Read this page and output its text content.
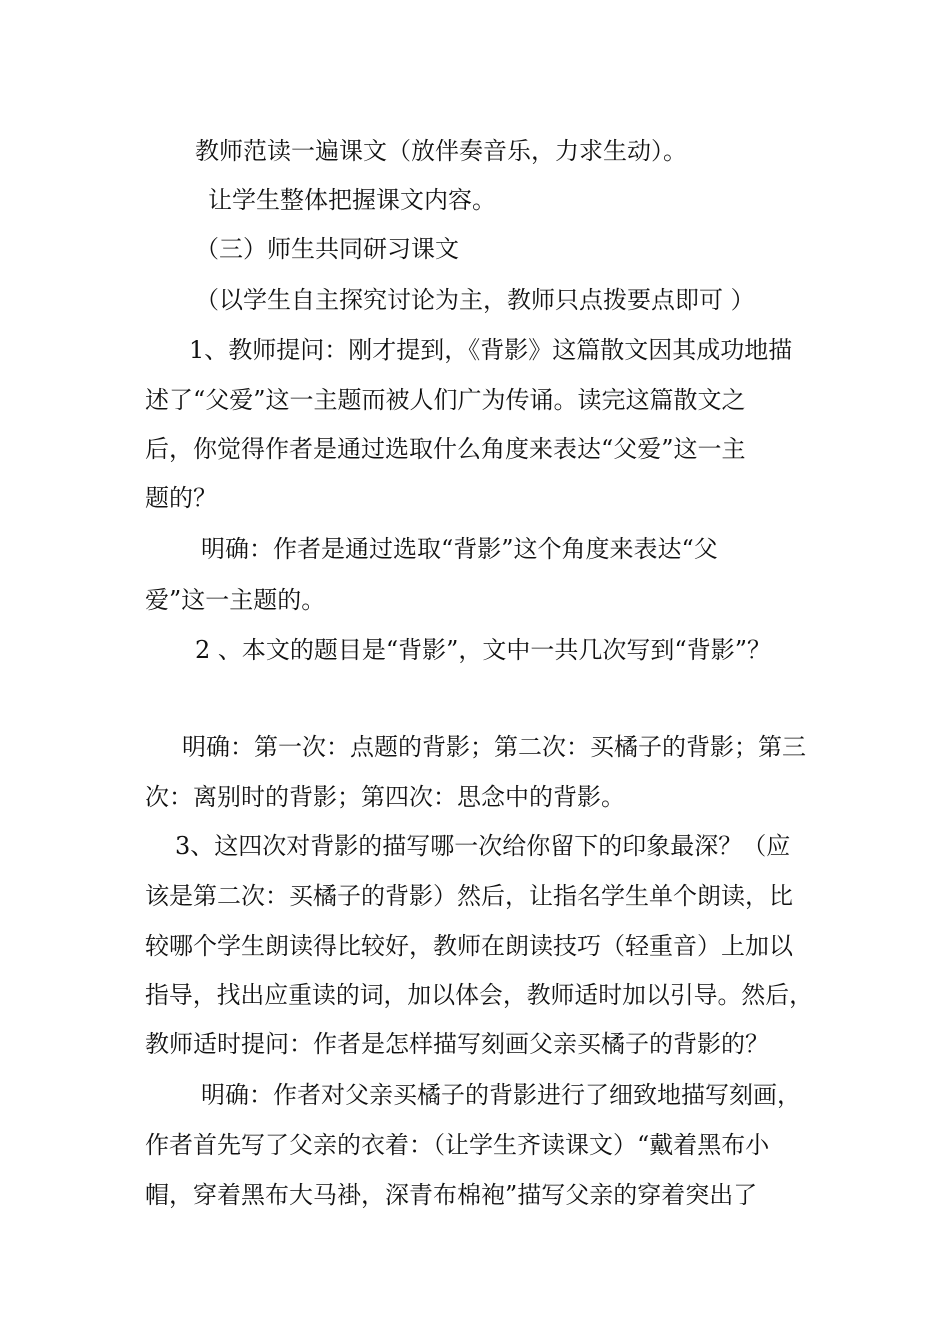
教师范读一遍课文（放伴奏音乐，力求生动）。
让学生整体把握课文内容。
（三）师生共同研习课文
（以学生自主探究讨论为主，教师只点拨要点即可 ）
1、教师提问：刚才提到，《背影》这篇散文因其成功地描
述了“父爱”这一主题而被人们广为传诵。读完这篇散文之
后，你觉得作者是通过选取什么角度来表达“父爱”这一主
题的？
明确：作者是通过选取“背影”这个角度来表达“父
爱”这一主题的。
2 、本文的题目是“背影”，文中一共几次写到“背影”？
明确：第一次：点题的背影；第二次：买橘子的背影；第三
次：离别时的背影；第四次：思念中的背影。
3、这四次对背影的描写哪一次给你留下的印象最深？（应
该是第二次：买橘子的背影）然后，让指名学生单个朗读，比
较哪个学生朗读得比较好，教师在朗读技巧（轻重音）上加以
指导，找出应重读的词，加以体会，教师适时加以引导。然后，
教师适时提问：作者是怎样描写刻画父亲买橘子的背影的？
明确：作者对父亲买橘子的背影进行了细致地描写刻画，
作者首先写了父亲的衣着：（让学生齐读课文）“戴着黑布小
帽，穿着黑布大马褂，深青布棉袍”描写父亲的穿着突出了
